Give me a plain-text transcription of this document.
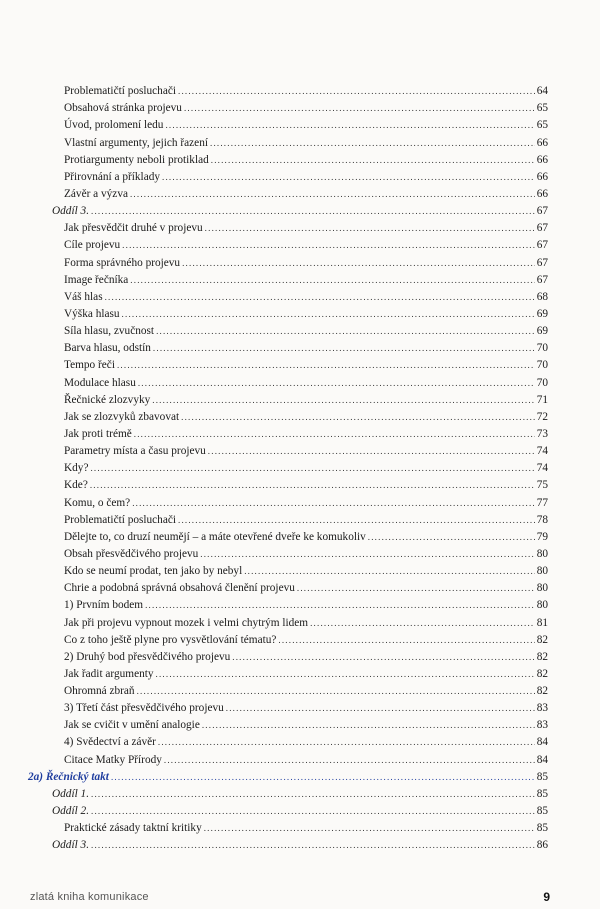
Problematičtí posluchači .....	64
Obsahová stránka projevu .....	65
Úvod, prolomení ledu .....	65
Vlastní argumenty, jejich řazení .....	66
Protiargumenty neboli protiklad .....	66
Přirovnání a příklady .....	66
Závěr a výzva .....	66
Oddíl 3. .....	67
Jak přesvědčit druhé v projevu .....	67
Cíle projevu .....	67
Forma správného projevu .....	67
Image řečníka .....	67
Váš hlas .....	68
Výška hlasu .....	69
Síla hlasu, zvučnost .....	69
Barva hlasu, odstín .....	70
Tempo řeči .....	70
Modulace hlasu .....	70
Řečnické zlozvyky .....	71
Jak se zlozvyků zbavovat .....	72
Jak proti trémě .....	73
Parametry místa a času projevu .....	74
Kdy? .....	74
Kde? .....	75
Komu, o čem? .....	77
Problematičtí posluchači .....	78
Dělejte to, co druzí neumějí – a máte otevřené dveře ke komukoliv .....	79
Obsah přesvědčivého projevu .....	80
Kdo se neumí prodat, ten jako by nebyl .....	80
Chrie a podobná správná obsahová členění projevu .....	80
1) Prvním bodem .....	80
Jak při projevu vypnout mozek i velmi chytrým lidem .....	81
Co z toho ještě plyne pro vysvětlování tématu? .....	82
2) Druhý bod přesvědčivého projevu .....	82
Jak řadit argumenty .....	82
Ohromná zbraň .....	82
3) Třetí část přesvědčivého projevu .....	83
Jak se cvičit v umění analogie .....	83
4) Svědectví a závěr .....	84
Citace Matky Přírody .....	84
2a) Řečnický takt .....	85
Oddíl 1. .....	85
Oddíl 2. .....	85
Praktické zásady taktní kritiky .....	85
Oddíl 3. .....	86
zlatá kniha komunikace	9
